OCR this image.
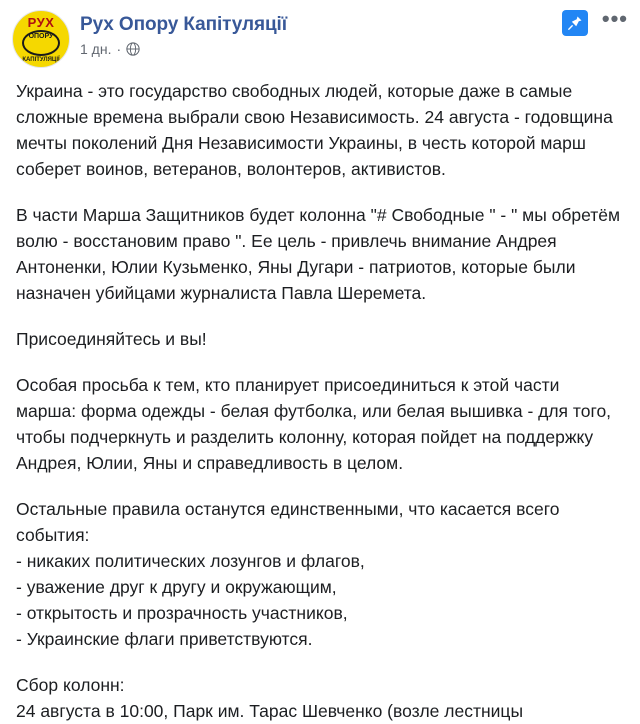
РУХ
ОПОРУ
КАПІТУЛЯЦІЇ
Рух Опору Капітуляції
1 дн. ·
•••

Украина - это государство свободных людей, которые даже в самые сложные времена выбрали свою Независимость. 24 августа - годовщина мечты поколений Дня Независимости Украины, в честь которой марш соберет воинов, ветеранов, волонтеров, активистов.

В части Марша Защитников будет колонна "# Свободные " - " мы обретём волю - восстановим право ". Ее цель - привлечь внимание Андрея Антоненки, Юлии Кузьменко, Яны Дугари - патриотов, которые были назначен убийцами журналиста Павла Шеремета.

Присоединяйтесь и вы!

Особая просьба к тем, кто планирует присоединиться к этой части марша: форма одежды - белая футболка, или белая вышивка - для того, чтобы подчеркнуть и разделить колонну, которая пойдет на поддержку Андрея, Юлии, Яны и справедливость в целом.

Остальные правила останутся единственными, что касается всего события:
- никаких политических лозунгов и флагов,
- уважение друг к другу и окружающим,
- открытость и прозрачность участников,
- Украинские флаги приветствуются.
Сбор колонн:
24 августа в 10:00, Парк им. Тарас Шевченко (возле лестницы
